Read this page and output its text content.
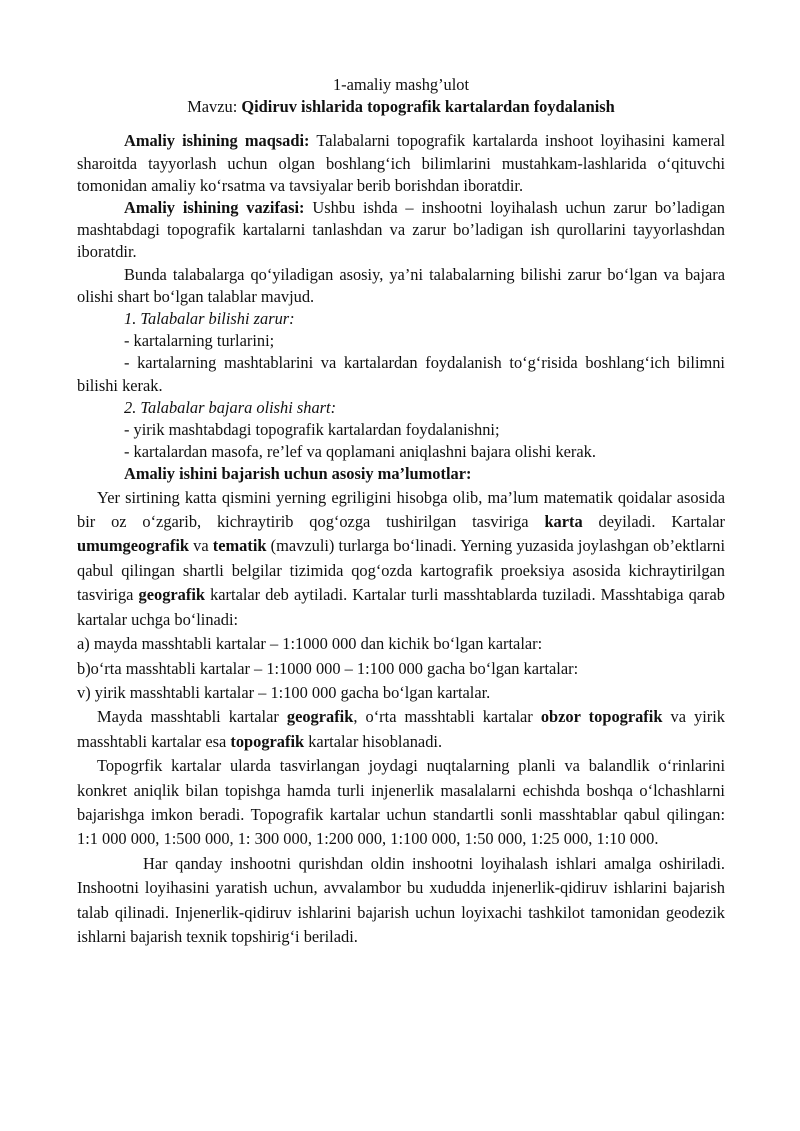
1-amaliy mashg’ulot

Mavzu: Qidiruv ishlarida topografik kartalardan foydalanish

Amaliy ishining maqsadi: Talabalarni topografik kartalarda inshoot loyihasini kameral sharoitda tayyorlash uchun olgan boshlang‘ich bilimlarini mustahkam-lashlarida o‘qituvchi tomonidan amaliy ko‘rsatma va tavsiyalar berib borishdan iboratdir.

Amaliy ishining vazifasi: Ushbu ishda – inshootni loyihalash uchun zarur bo’ladigan mashtabdagi topografik kartalarni tanlashdan va zarur bo’ladigan ish qurollarini tayyorlashdan iboratdir.

Bunda talabalarga qo‘yiladigan asosiy, ya’ni talabalarning bilishi zarur bo‘lgan va bajara olishi shart bo‘lgan talablar mavjud.

1. Talabalar bilishi zarur:

- kartalarning turlarini;

- kartalarning mashtablarini va kartalardan foydalanish to‘g‘risida boshlang‘ich bilimni bilishi kerak.

2. Talabalar bajara olishi shart:

- yirik mashtabdagi topografik kartalardan foydalanishni;

- kartalardan masofa, re’lef va qoplamani aniqlashni bajara olishi kerak.

Amaliy ishini bajarish uchun asosiy ma’lumotlar:

Yer sirtining katta qismini yerning egriligini hisobga olib, ma’lum matematik qoidalar asosida bir oz o‘zgarib, kichraytirib qog‘ozga tushirilgan tasviriga karta deyiladi. Kartalar umumgeografik va tematik (mavzuli) turlarga bo‘linadi. Yerning yuzasida joylashgan ob’ektlarni qabul qilingan shartli belgilar tizimida qog‘ozda kartografik proeksiya asosida kichraytirilgan tasviriga geografik kartalar deb aytiladi. Kartalar turli masshtablarda tuziladi. Masshtabiga qarab kartalar uchga bo‘linadi:

a) mayda masshtabli kartalar – 1:1000 000 dan kichik bo‘lgan kartalar:

b)o‘rta masshtabli kartalar – 1:1000 000 – 1:100 000 gacha bo‘lgan kartalar:

v) yirik masshtabli kartalar – 1:100 000 gacha bo‘lgan kartalar.

Mayda masshtabli kartalar geografik, o‘rta masshtabli kartalar obzor topografik va yirik masshtabli kartalar esa topografik kartalar hisoblanadi.

Topogrfik kartalar ularda tasvirlangan joydagi nuqtalarning planli va balandlik o‘rinlarini konkret aniqlik bilan topishga hamda turli injenerlik masalalarni echishda boshqa o‘lchashlarni bajarishga imkon beradi. Topografik kartalar uchun standartli sonli masshtablar qabul qilingan: 1:1 000 000, 1:500 000, 1: 300 000, 1:200 000, 1:100 000, 1:50 000, 1:25 000, 1:10 000.

Har qanday inshootni qurishdan oldin inshootni loyihalash ishlari amalga oshiriladi. Inshootni loyihasini yaratish uchun, avvalambor bu xududda injenerlik-qidiruv ishlarini bajarish talab qilinadi. Injenerlik-qidiruv ishlarini bajarish uchun loyixachi tashkilot tamonidan geodezik ishlarni bajarish texnik topshirig‘i beriladi.
